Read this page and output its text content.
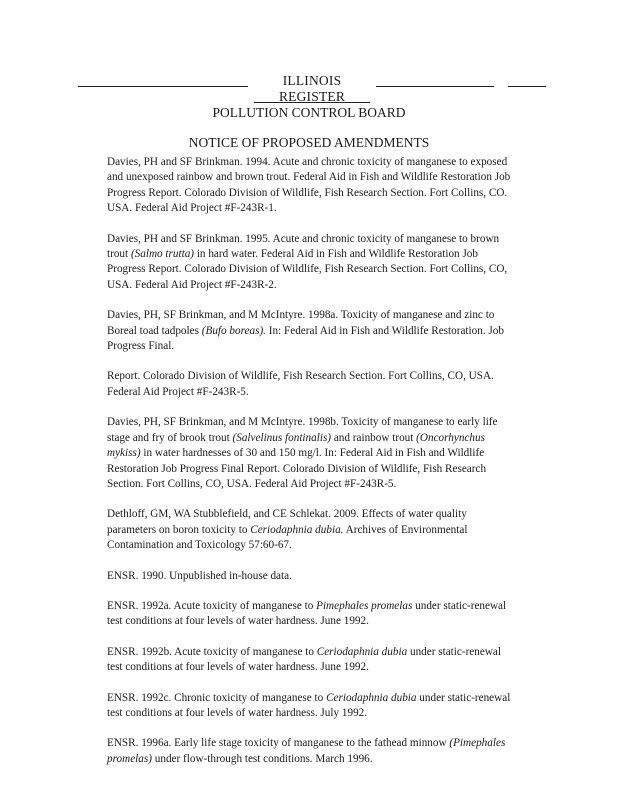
ILLINOIS REGISTER
POLLUTION CONTROL BOARD
NOTICE OF PROPOSED AMENDMENTS

Davies, PH and SF Brinkman. 1994. Acute and chronic toxicity of manganese to exposed and unexposed rainbow and brown trout. Federal Aid in Fish and Wildlife Restoration Job Progress Report. Colorado Division of Wildlife, Fish Research Section. Fort Collins, CO. USA. Federal Aid Project #F-243R-1.

Davies, PH and SF Brinkman. 1995. Acute and chronic toxicity of manganese to brown trout (Salmo trutta) in hard water. Federal Aid in Fish and Wildlife Restoration Job Progress Report. Colorado Division of Wildlife, Fish Research Section. Fort Collins, CO, USA. Federal Aid Project #F-243R-2.

Davies, PH, SF Brinkman, and M McIntyre. 1998a. Toxicity of manganese and zinc to Boreal toad tadpoles (Bufo boreas). In: Federal Aid in Fish and Wildlife Restoration. Job Progress Final.

Report. Colorado Division of Wildlife, Fish Research Section. Fort Collins, CO, USA. Federal Aid Project #F-243R-5.

Davies, PH, SF Brinkman, and M McIntyre. 1998b. Toxicity of manganese to early life stage and fry of brook trout (Salvelinus fontinalis) and rainbow trout (Oncorhynchus mykiss) in water hardnesses of 30 and 150 mg/l. In: Federal Aid in Fish and Wildlife Restoration Job Progress Final Report. Colorado Division of Wildlife, Fish Research Section. Fort Collins, CO, USA. Federal Aid Project #F-243R-5.

Dethloff, GM, WA Stubblefield, and CE Schlekat. 2009. Effects of water quality parameters on boron toxicity to Ceriodaphnia dubia. Archives of Environmental Contamination and Toxicology 57:60-67.

ENSR. 1990. Unpublished in-house data.

ENSR. 1992a. Acute toxicity of manganese to Pimephales promelas under static-renewal test conditions at four levels of water hardness. June 1992.

ENSR. 1992b. Acute toxicity of manganese to Ceriodaphnia dubia under static-renewal test conditions at four levels of water hardness. June 1992.

ENSR. 1992c. Chronic toxicity of manganese to Ceriodaphnia dubia under static-renewal test conditions at four levels of water hardness. July 1992.

ENSR. 1996a. Early life stage toxicity of manganese to the fathead minnow (Pimephales promelas) under flow-through test conditions. March 1996.
